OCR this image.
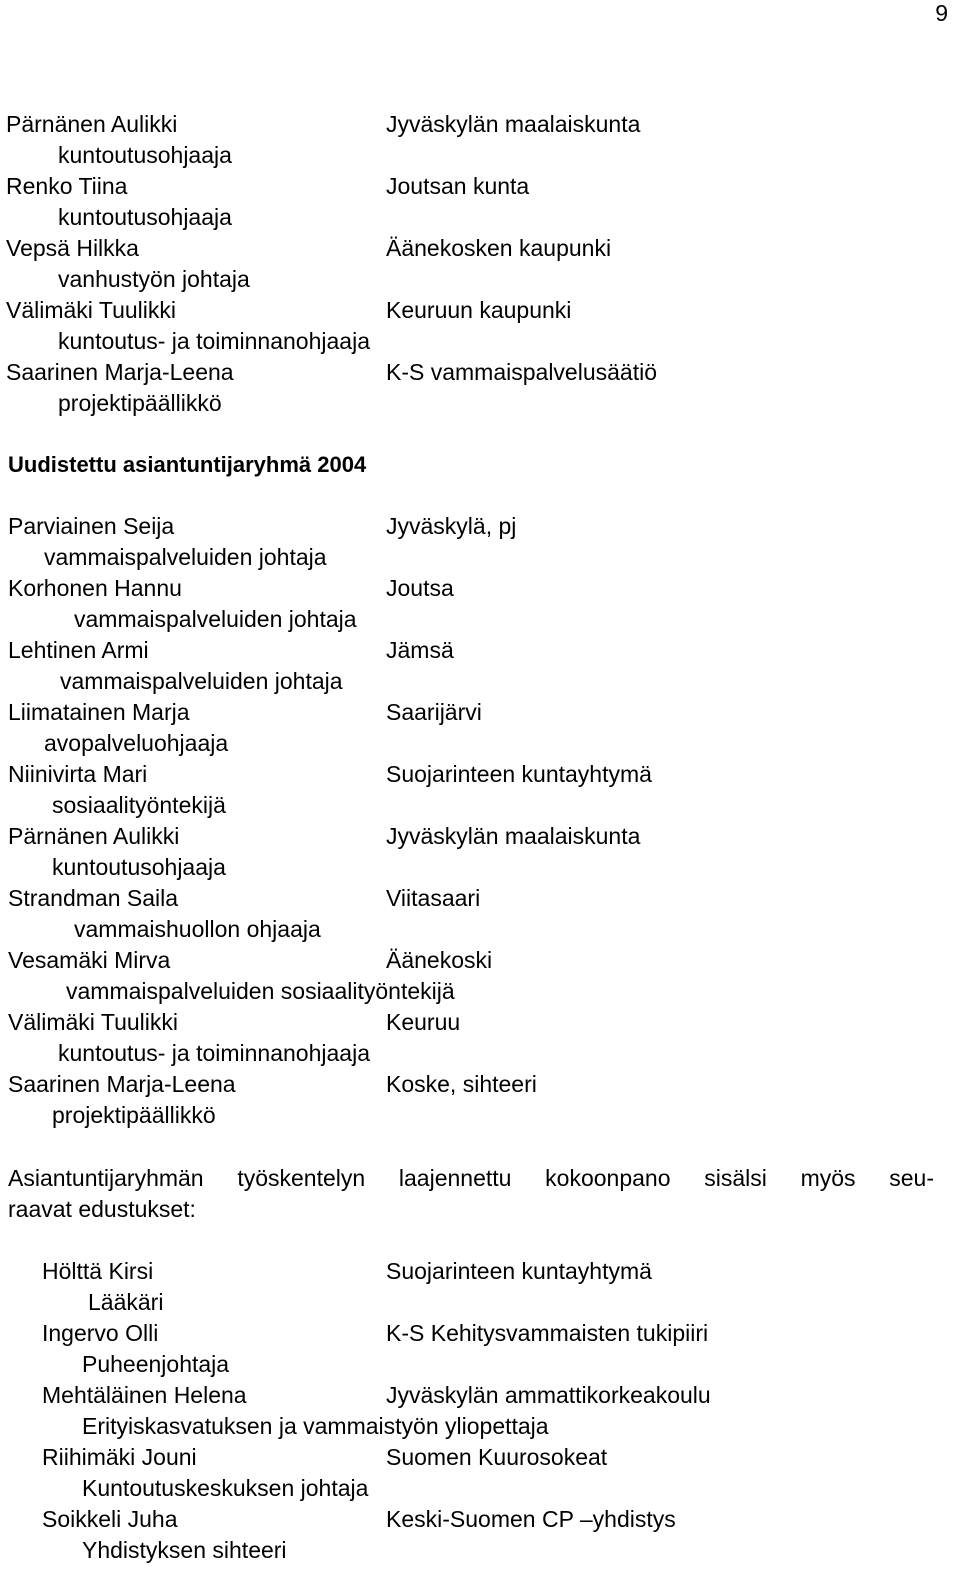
9
Pärnänen Aulikki	Jyväskylän maalaiskunta
kuntoutusohjaaja
Renko Tiina	Joutsan kunta
kuntoutusohjaaja
Vepsä Hilkka	Äänekosken kaupunki
vanhustyön johtaja
Välimäki Tuulikki	Keuruun kaupunki
kuntoutus- ja toiminnanohjaaja
Saarinen Marja-Leena	K-S vammaispalvelusäätiö
projektipäällikkö
Uudistettu asiantuntijaryhmä 2004
Parviainen Seija	Jyväskylä, pj
vammaispalveluiden johtaja
Korhonen Hannu	Joutsa
vammaispalveluiden johtaja
Lehtinen Armi	Jämsä
vammaispalveluiden johtaja
Liimatainen Marja	Saarijärvi
avopalveluohjaaja
Niinivirta Mari	Suojarinteen kuntayhtymä
sosiaalityöntekijä
Pärnänen Aulikki	Jyväskylän maalaiskunta
kuntoutusohjaaja
Strandman Saila	Viitasaari
vammaishuollon ohjaaja
Vesamäki Mirva	Äänekoski
vammaispalveluiden sosiaalityöntekijä
Välimäki Tuulikki	Keuruu
kuntoutus- ja toiminnanohjaaja
Saarinen Marja-Leena	Koske, sihteeri
projektipäällikkö
Asiantuntijaryhmän työskentelyn laajennettu kokoonpano sisälsi myös seu-
raavat edustukset:
Hölttä Kirsi	Suojarinteen kuntayhtymä
Lääkäri
Ingervo Olli	K-S Kehitysvammaisten tukipiiri
Puheenjohtaja
Mehtäläinen Helena	Jyväskylän ammattikorkeakoulu
Erityiskasvatuksen ja vammaistyön yliopettaja
Riihimäki Jouni	Suomen Kuurosokeat
Kuntoutuskeskuksen johtaja
Soikkeli Juha	Keski-Suomen CP –yhdistys
Yhdistyksen sihteeri
